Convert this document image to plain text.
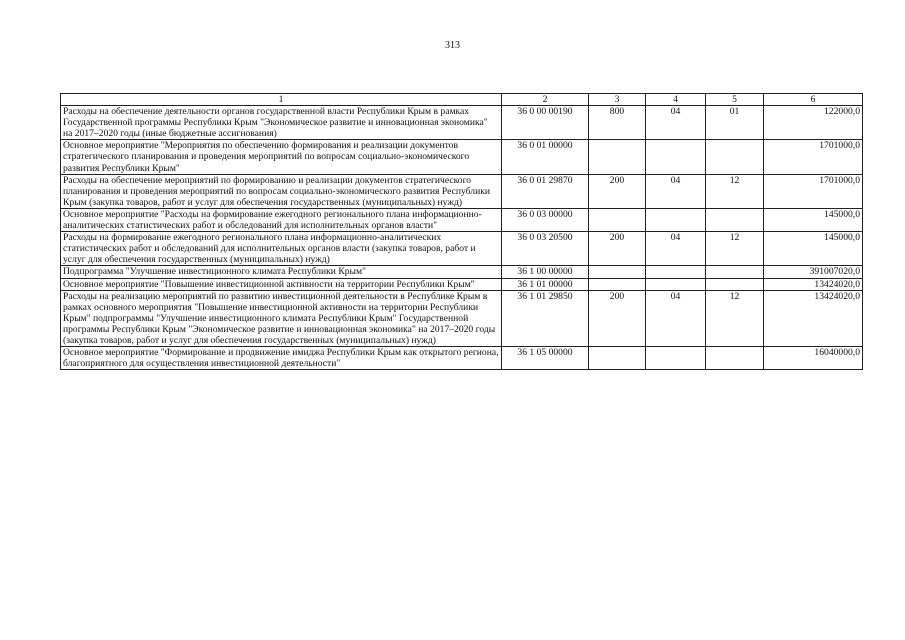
313
1	2	3	4	5	6
Расходы на обеспечение деятельности органов государственной власти Республики Крым в рамках Государственной программы Республики Крым "Экономическое развитие и инновационная экономика" на 2017–2020 годы (иные бюджетные ассигнования)	36 0 00 00190	800	04	01	122000,0
Основное мероприятие "Мероприятия по обеспечению формирования и реализации документов стратегического планирования и проведения мероприятий по вопросам социально-экономического развития Республики Крым"	36 0 01 00000				1701000,0
Расходы на обеспечение мероприятий по формированию и реализации документов стратегического планирования и проведения мероприятий по вопросам социально-экономического развития Республики Крым (закупка товаров, работ и услуг для обеспечения государственных (муниципальных) нужд)	36 0 01 29870	200	04	12	1701000,0
Основное мероприятие "Расходы на формирование ежегодного регионального плана информационно-аналитических статистических работ и обследований для исполнительных органов власти"	36 0 03 00000				145000,0
Расходы на формирование ежегодного регионального плана информационно-аналитических статистических работ и обследований для исполнительных органов власти (закупка товаров, работ и услуг для обеспечения государственных (муниципальных) нужд)	36 0 03 20500	200	04	12	145000,0
Подпрограмма "Улучшение инвестиционного климата Республики Крым"	36 1 00 00000				391007020,0
Основное мероприятие "Повышение инвестиционной активности на территории Республики Крым"	36 1 01 00000				13424020,0
Расходы на реализацию мероприятий по развитию инвестиционной деятельности в Республике Крым в рамках основного мероприятия "Повышение инвестиционной активности на территории Республики Крым" подпрограммы "Улучшение инвестиционного климата Республики Крым" Государственной программы Республики Крым "Экономическое развитие и инновационная экономика" на 2017–2020 годы (закупка товаров, работ и услуг для обеспечения государственных (муниципальных) нужд)	36 1 01 29850	200	04	12	13424020,0
Основное мероприятие "Формирование и продвижение имиджа Республики Крым как открытого региона, благоприятного для осуществления инвестиционной деятельности"	36 1 05 00000				16040000,0
